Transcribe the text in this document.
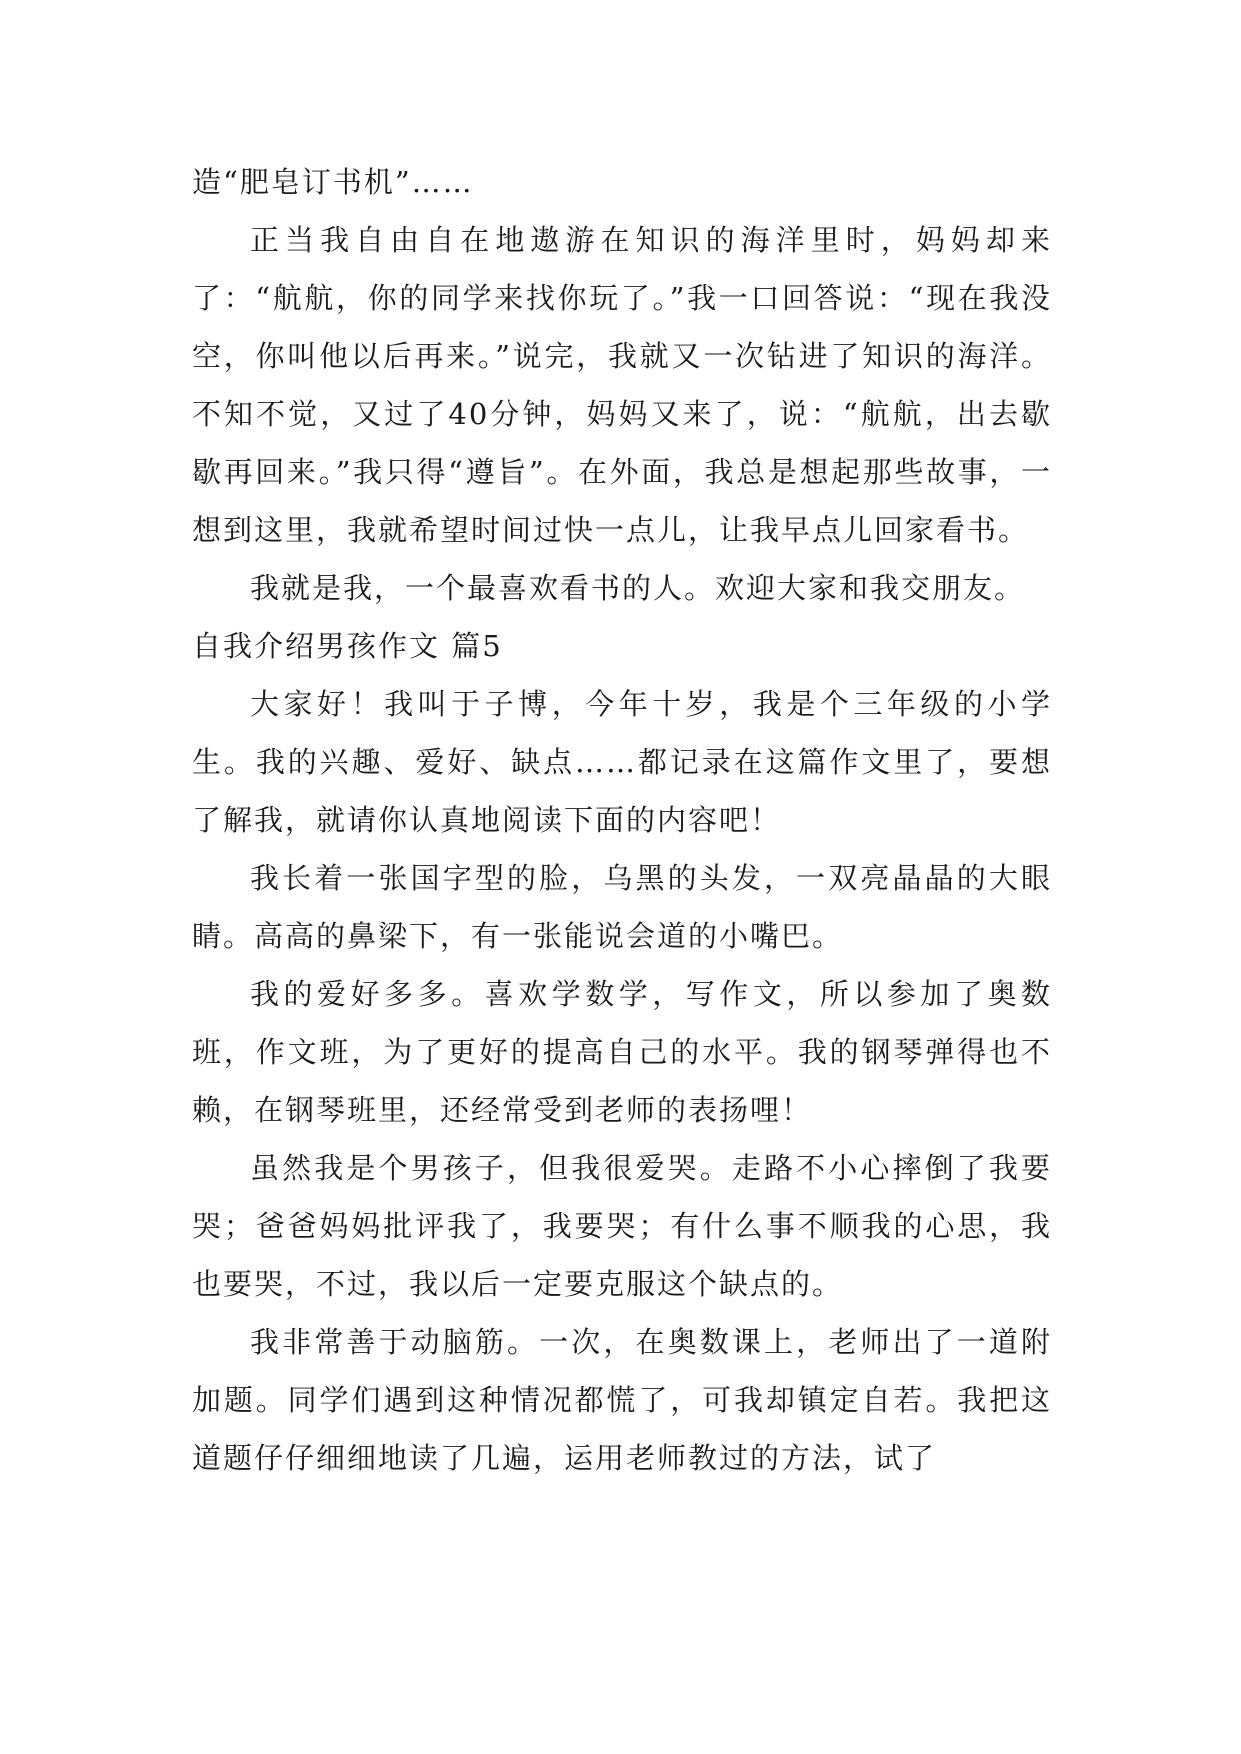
造“肥皂订书机”……

正当我自由自在地遨游在知识的海洋里时，妈妈却来了：“航航，你的同学来找你玩了。”我一口回答说：“现在我没空，你叫他以后再来。”说完，我就又一次钻进了知识的海洋。不知不觉，又过了40分钟，妈妈又来了，说：“航航，出去歇歇再回来。”我只得“遵旨”。在外面，我总是想起那些故事，一想到这里，我就希望时间过快一点儿，让我早点儿回家看书。

我就是我，一个最喜欢看书的人。欢迎大家和我交朋友。

自我介绍男孩作文 篇5

大家好！我叫于子博，今年十岁，我是个三年级的小学生。我的兴趣、爱好、缺点……都记录在这篇作文里了，要想了解我，就请你认真地阅读下面的内容吧！

我长着一张国字型的脸，乌黑的头发，一双亮晶晶的大眼睛。高高的鼻梁下，有一张能说会道的小嘴巴。

我的爱好多多。喜欢学数学，写作文，所以参加了奥数班，作文班，为了更好的提高自己的水平。我的钢琴弹得也不赖，在钢琴班里，还经常受到老师的表扬哩！

虽然我是个男孩子，但我很爱哭。走路不小心摔倒了我要哭；爸爸妈妈批评我了，我要哭；有什么事不顺我的心思，我也要哭，不过，我以后一定要克服这个缺点的。

我非常善于动脑筋。一次，在奥数课上，老师出了一道附加题。同学们遇到这种情况都慌了，可我却镇定自若。我把这道题仔仔细细地读了几遍，运用老师教过的方法，试了
